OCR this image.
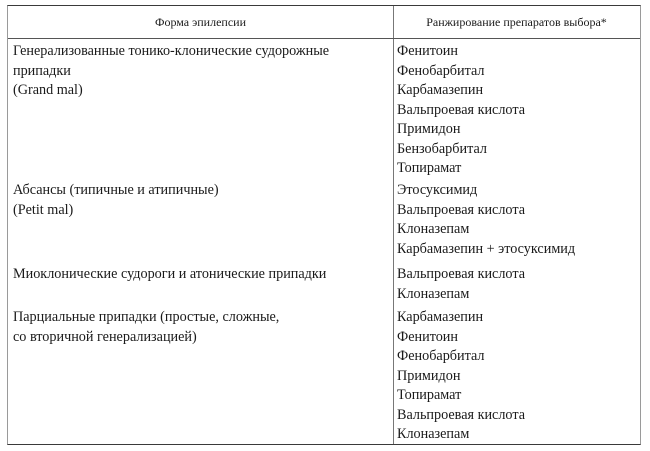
Форма эпилепсии	Ранжирование препаратов выбора*
Генерализованные тонико-клонические судорожные
припадки
(Grand mal)
Фенитоин
Фенобарбитал
Карбамазепин
Вальпроевая кислота
Примидон
Бензобарбитал
Топирамат
Абсансы (типичные и атипичные)
(Petit mal)
Этосуксимид
Вальпроевая кислота
Клоназепам
Карбамазепин + этосуксимид
Миоклонические судороги и атонические припадки	Вальпроевая кислота
Клоназепам
Парциальные припадки (простые, сложные,
со вторичной генерализацией)
Карбамазепин
Фенитоин
Фенобарбитал
Примидон
Топирамат
Вальпроевая кислота
Клоназепам
